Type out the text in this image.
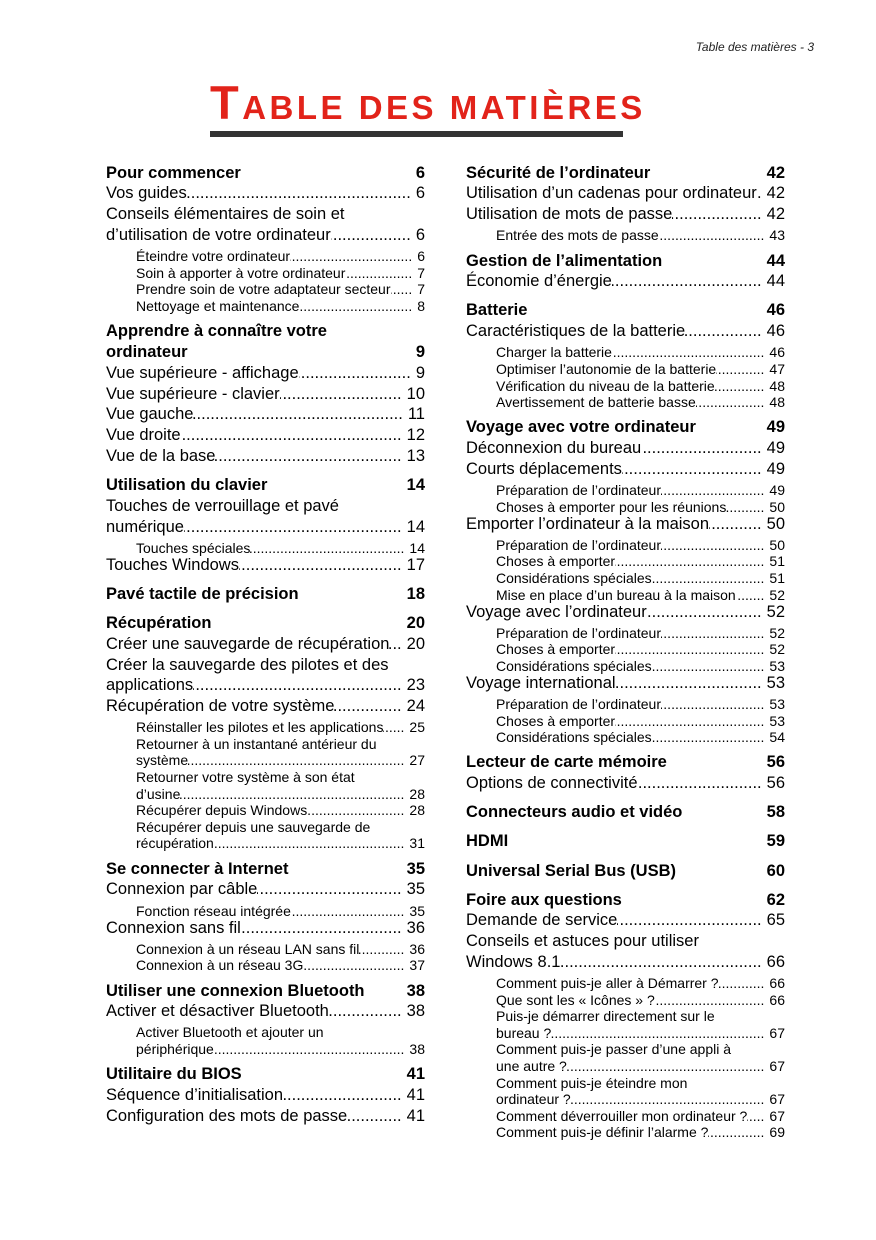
Table des matières - 3
TABLE DES MATIÈRES
Pour commencer	6
Vos guides .....	6
Conseils élémentaires de soin et
d’utilisation de votre ordinateur .....	6
Éteindre votre ordinateur .....	6
Soin à apporter à votre ordinateur .....	7
Prendre soin de votre adaptateur secteur .....	7
Nettoyage et maintenance .....	8
Apprendre à connaître votre
ordinateur	9
Vue supérieure - affichage .....	9
Vue supérieure - clavier .....	10
Vue gauche .....	11
Vue droite .....	12
Vue de la base .....	13
Utilisation du clavier	14
Touches de verrouillage et pavé
numérique .....	14
Touches spéciales .....	14
Touches Windows .....	17
Pavé tactile de précision	18
Récupération	20
Créer une sauvegarde de récupération .....	20
Créer la sauvegarde des pilotes et des
applications .....	23
Récupération de votre système .....	24
Réinstaller les pilotes et les applications .....	25
Retourner à un instantané antérieur du
système .....	27
Retourner votre système à son état
d’usine .....	28
Récupérer depuis Windows .....	28
Récupérer depuis une sauvegarde de
récupération .....	31
Se connecter à Internet	35
Connexion par câble .....	35
Fonction réseau intégrée .....	35
Connexion sans fil .....	36
Connexion à un réseau LAN sans fil .....	36
Connexion à un réseau 3G .....	37
Utiliser une connexion Bluetooth	38
Activer et désactiver Bluetooth .....	38
Activer Bluetooth et ajouter un
périphérique .....	38
Utilitaire du BIOS	41
Séquence d’initialisation .....	41
Configuration des mots de passe .....	41
Sécurité de l’ordinateur	42
Utilisation d’un cadenas pour ordinateur ..... 42
Utilisation de mots de passe .....	42
Entrée des mots de passe .....	43
Gestion de l’alimentation	44
Économie d’énergie .....	44
Batterie	46
Caractéristiques de la batterie .....	46
Charger la batterie .....	46
Optimiser l’autonomie de la batterie .....	47
Vérification du niveau de la batterie .....	48
Avertissement de batterie basse .....	48
Voyage avec votre ordinateur	49
Déconnexion du bureau .....	49
Courts déplacements .....	49
Préparation de l’ordinateur .....	49
Choses à emporter pour les réunions .....	50
Emporter l’ordinateur à la maison .....	50
Préparation de l’ordinateur .....	50
Choses à emporter .....	51
Considérations spéciales .....	51
Mise en place d’un bureau à la maison .....	52
Voyage avec l’ordinateur .....	52
Préparation de l’ordinateur .....	52
Choses à emporter .....	52
Considérations spéciales .....	53
Voyage international .....	53
Préparation de l’ordinateur .....	53
Choses à emporter .....	53
Considérations spéciales .....	54
Lecteur de carte mémoire	56
Options de connectivité .....	56
Connecteurs audio et vidéo	58
HDMI	59
Universal Serial Bus (USB)	60
Foire aux questions	62
Demande de service .....	65
Conseils et astuces pour utiliser
Windows 8.1 .....	66
Comment puis-je aller à Démarrer ? .....	66
Que sont les « Icônes » ? .....	66
Puis-je démarrer directement sur le
bureau ? .....	67
Comment puis-je passer d’une appli à
une autre ? .....	67
Comment puis-je éteindre mon
ordinateur ? .....	67
Comment déverrouiller mon ordinateur ? .....	67
Comment puis-je définir l’alarme ? .....	69
